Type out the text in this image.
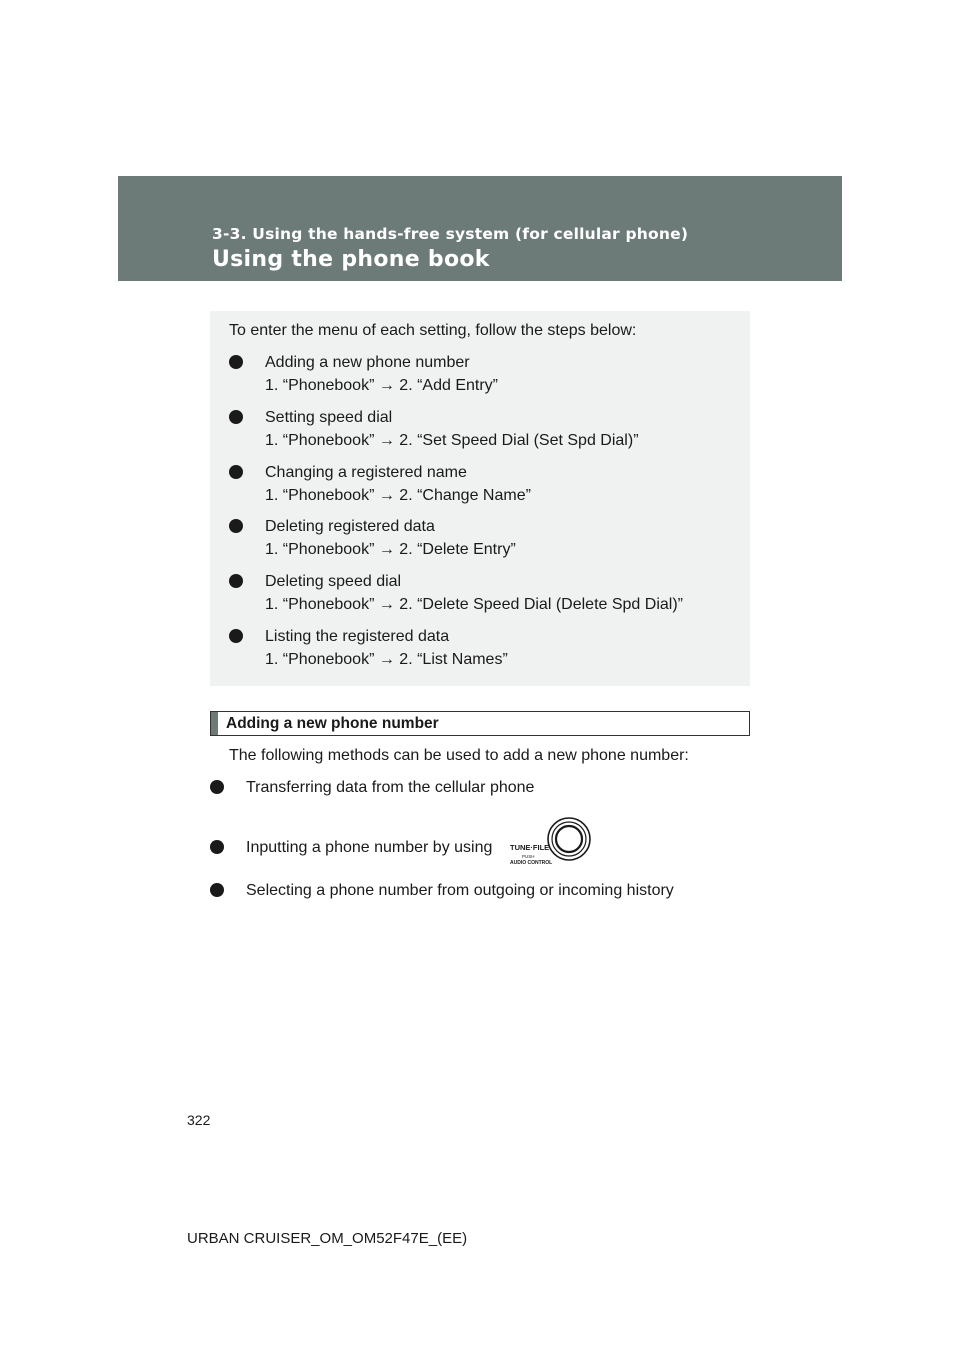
3-3. Using the hands-free system (for cellular phone)
Using the phone book
To enter the menu of each setting, follow the steps below:
Adding a new phone number
1. “Phonebook” → 2. “Add Entry”
Setting speed dial
1. “Phonebook” → 2. “Set Speed Dial (Set Spd Dial)”
Changing a registered name
1. “Phonebook” → 2. “Change Name”
Deleting registered data
1. “Phonebook” → 2. “Delete Entry”
Deleting speed dial
1. “Phonebook” → 2. “Delete Speed Dial (Delete Spd Dial)”
Listing the registered data
1. “Phonebook” → 2. “List Names”
Adding a new phone number
The following methods can be used to add a new phone number:
Transferring data from the cellular phone
Inputting a phone number by using
Selecting a phone number from outgoing or incoming history
TUNE·FILE
PUSH
AUDIO CONTROL
322
URBAN CRUISER_OM_OM52F47E_(EE)
